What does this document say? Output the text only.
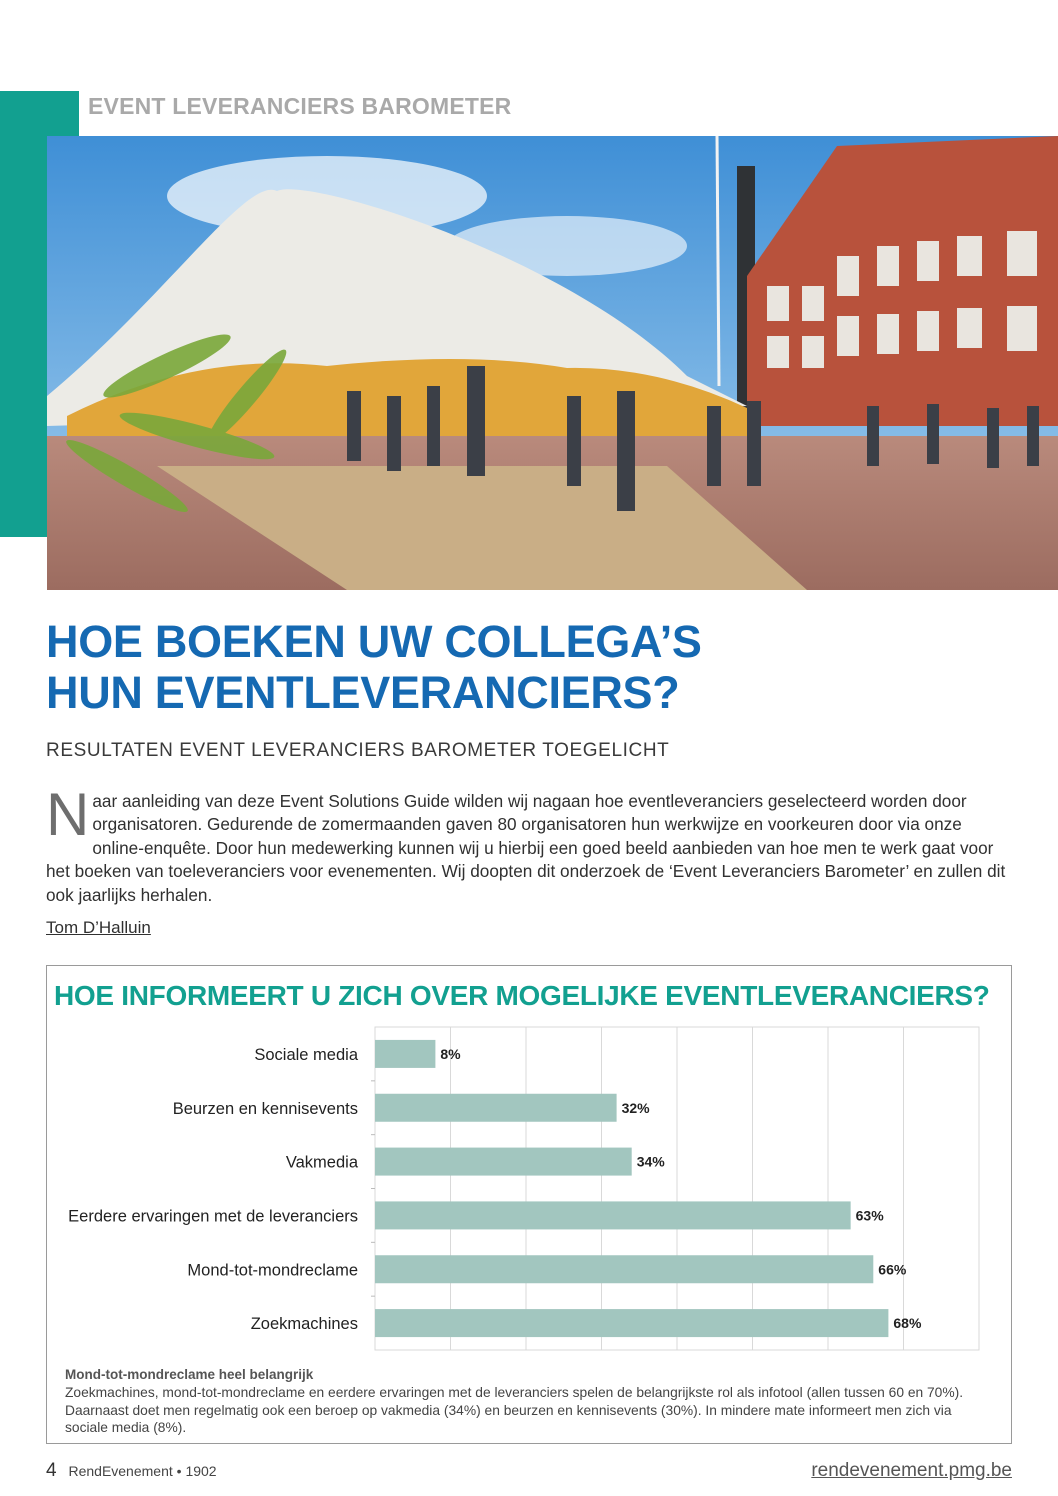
EVENT LEVERANCIERS BAROMETER
HOE BOEKEN UW COLLEGA’S
HUN EVENTLEVERANCIERS?
RESULTATEN EVENT LEVERANCIERS BAROMETER TOEGELICHT
N aar aanleiding van deze Event Solutions Guide wilden wij nagaan hoe eventleveranciers geselecteerd worden door organisatoren. Gedurende de zomermaanden gaven 80 organisatoren hun werkwijze en voorkeuren door via onze online-enquête. Door hun medewerking kunnen wij u hierbij een goed beeld aanbieden van hoe men te werk gaat voor het boeken van toeleveranciers voor evenementen. Wij doopten dit onderzoek de ‘Event Leveranciers Barometer’ en zullen dit ook jaarlijks herhalen.
Tom D’Halluin
HOE INFORMEERT U ZICH OVER MOGELIJKE EVENTLEVERANCIERS?
Sociale media	8%
Beurzen en kennisevents	32%
Vakmedia	34%
Eerdere ervaringen met de leveranciers	63%
Mond-tot-mondreclame	66%
Zoekmachines	68%
Mond-tot-mondreclame heel belangrijk
Zoekmachines, mond-tot-mondreclame en eerdere ervaringen met de leveranciers spelen de belangrijkste rol als infotool (allen tussen 60 en 70%). Daarnaast doet men regelmatig ook een beroep op vakmedia (34%) en beurzen en kennisevents (30%). In mindere mate informeert men zich via sociale media (8%).
4 RendEvenement • 1902	rendevenement.pmg.be
